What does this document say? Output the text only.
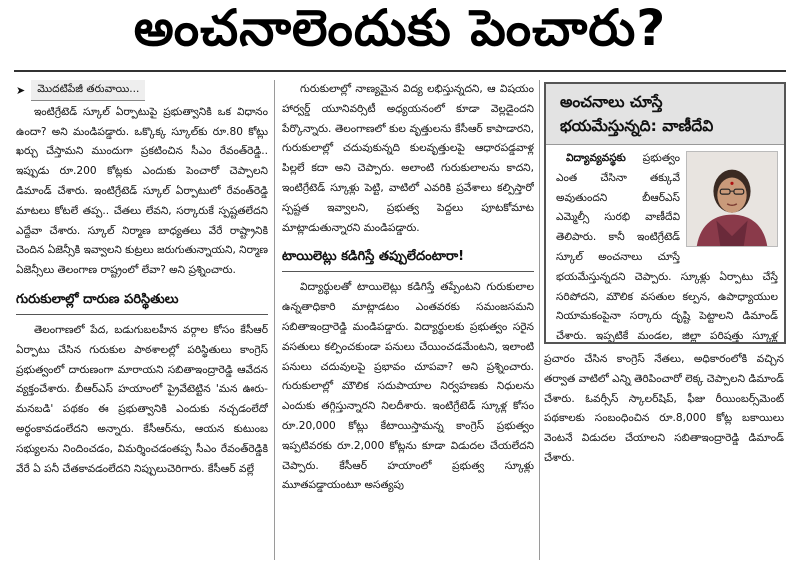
అంచనాలెందుకు పెంచారు?
➤	మొదటిపేజీ తరువాయి...

ఇంటిగ్రేటెడ్‌ స్కూల్‌ ఏర్పాటుపై ప్రభుత్వానికి ఒక విధానం ఉందా? అని మండిపడ్డారు. ఒక్కొక్క స్కూల్‌కు రూ.80 కోట్లు ఖర్చు చేస్తామని ముందుగా ప్రకటించిన సీఎం రేవంత్‌రెడ్డి.. ఇప్పుడు రూ.200 కోట్లకు ఎందుకు పెంచారో చెప్పాలని డిమాండ్‌ చేశారు. ఇంటిగ్రేటెడ్‌ స్కూల్‌ ఏర్పాటులో రేవంత్‌రెడ్డి మాటలు కోటలే తప్ప.. చేతలు లేవని, సర్కారుకే స్పష్టతలేదని ఎద్దేవా చేశారు. స్కూల్‌ నిర్మాణ బాధ్యతలు వేరే రాష్ట్రానికి చెందిన ఏజెన్సీకి ఇవ్వాలని కుట్రలు జరుగుతున్నాయని, నిర్మాణ ఏజెన్సీలు తెలంగాణ రాష్ట్రంలో లేవా? అని ప్రశ్నించారు.

గురుకులాల్లో దారుణ పరిస్థితులు

తెలంగాణలో పేద, బడుగుబలహీన వర్గాల కోసం కేసీఆర్‌ ఏర్పాటు చేసిన గురుకుల పాఠశాలల్లో పరిస్థితులు కాంగ్రెస్‌ ప్రభుత్వంలో దారుణంగా మారాయని సబితాఇంద్రారెడ్డి ఆవేదన వ్యక్తంచేశారు. బీఆర్‌ఎస్‌ హయాంలో ప్రైవేటెట్టిన 'మన ఊరు-మనబడి' పథకం ఈ ప్రభుత్వానికి ఎందుకు నచ్చడంలేదో అర్థంకావడంలేదని అన్నారు. కేసీఆర్‌ను, ఆయన కుటుంబ సభ్యులను నిందించడం, విమర్శించడంతప్ప సీఎం రేవంత్‌రెడ్డికి వేరే ఏ పనీ చేతకావడంలేదని నిప్పులుచెరిగారు. కేసీఆర్‌ వల్లే

గురుకులాల్లో నాణ్యమైన విద్య లభిస్తున్నదని, ఆ విషయం హార్వర్డ్‌ యూనివర్సిటీ అధ్యయనంలో కూడా వెల్లడైందని పేర్కొన్నారు. తెలంగాణలో కుల వృత్తులను కేసీఆర్‌ కాపాడారని, గురుకులాల్లో చదువుకున్నది కులవృత్తులపై ఆధారపడ్డవాళ్ల పిల్లలే కదా అని చెప్పారు. అలాంటి గురుకులాలను కాదని, ఇంటిగ్రేటెడ్‌ స్కూళ్లు పెట్టి, వాటిలో ఎవరికి ప్రవేశాలు కల్పిస్తారో స్పష్టత ఇవ్వాలని, ప్రభుత్వ పెద్దలు పూటకోమాట మాట్లాడుతున్నారని మండిపడ్డారు.

టాయిలెట్లు కడిగిస్తే తప్పులేదంటారా!

విద్యార్థులతో టాయిలెట్లు కడిగిస్తే తప్పేంటని గురుకులాల ఉన్నతాధికారి మాట్లాడటం ఎంతవరకు సమంజసమని సబితాఇంద్రారెడ్డి మండిపడ్డారు. విద్యార్థులకు ప్రభుత్వం సరైన వసతులు కల్పించకుండా పనులు చేయించడమేంటని, ఇలాంటి పనులు చదువులపై ప్రభావం చూపవా? అని ప్రశ్నించారు. గురుకులాల్లో మౌలిక సదుపాయాల నిర్వహణకు నిధులను ఎందుకు తగ్గిస్తున్నారని నిలదీశారు. ఇంటిగ్రేటెడ్‌ స్కూళ్ల కోసం రూ.20,000 కోట్లు కేటాయిస్తామన్న కాంగ్రెస్‌ ప్రభుత్వం ఇప్పటివరకు రూ.2,000 కోట్లను కూడా విడుదల చేయలేదని చెప్పారు. కేసీఆర్‌ హయాంలో ప్రభుత్వ స్కూళ్లు మూతపడ్డాయంటూ అసత్యపు

అంచనాలు చూస్తే
భయమేస్తున్నది: వాణీదేవి
విద్యావ్యవస్థకు ప్రభుత్వం ఎంత చేసినా తక్కువే అవుతుందని బీఆర్‌ఎస్‌ ఎమ్మెల్సీ సురభి వాణీదేవి తెలిపారు. కానీ ఇంటిగ్రేటెడ్‌ స్కూల్‌ అంచనాలు చూస్తే భయమేస్తున్నదని చెప్పారు. స్కూళ్లు ఏర్పాటు చేస్తే సరిపోదని, మౌలిక వసతుల కల్పన, ఉపాధ్యాయుల నియామకంపైనా సర్కారు దృష్టి పెట్టాలని డిమాండ్‌ చేశారు. ఇప్పటికే మండల, జిల్లా పరిషత్తు స్కూళ్ల

ప్రచారం చేసిన కాంగ్రెస్‌ నేతలు, అధికారంలోకి వచ్చిన తర్వాత వాటిలో ఎన్ని తెరిపించారో లెక్క చెప్పాలని డిమాండ్‌ చేశారు. ఓవర్సీస్‌ స్కాలర్‌షిప్‌, ఫీజు రీయింబర్స్‌మెంట్‌ పథకాలకు సంబంధించిన రూ.8,000 కోట్ల బకాయిలు వెంటనే విడుదల చేయాలని సబితాఇంద్రారెడ్డి డిమాండ్‌ చేశారు.
